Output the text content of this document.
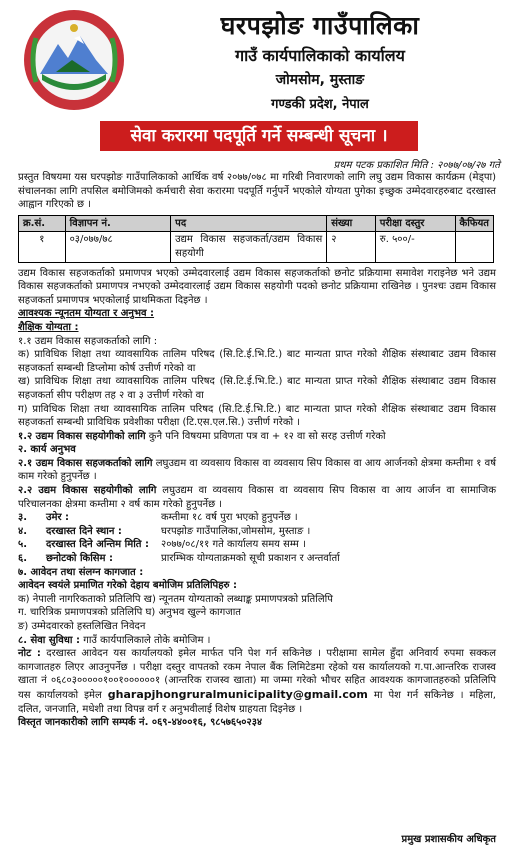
घरपझोङ गाउँपालिका
गाउँ कार्यपालिकाको कार्यालय
जोमसोम, मुस्ताङ
गण्डकी प्रदेश, नेपाल
सेवा करारमा पदपूर्ति गर्ने सम्बन्धी सूचना ।
प्रथम पटक प्रकाशित मिति : २०७७/०७/२७ गते

प्रस्तुत विषयमा यस घरपझोङ गाउँपालिकाको आर्थिक वर्ष २०७७/०७८ मा गरिबी निवारणको लागि लघु उद्यम विकास कार्यक्रम (मेड्पा) संचालनका लागि तपसिल बमोजिमको कर्मचारी सेवा करारमा पदपूर्ति गर्नुपर्ने भएकोले योग्यता पुगेका इच्छुक उम्मेदवारहरुबाट दरखास्त आह्वान गरिएको छ ।

क्र.सं.	विज्ञापन नं.	पद	संख्या	परीक्षा दस्तुर	कैफियत
१	०३/०७७/७८	उद्यम विकास सहजकर्ता/उद्यम विकास सहयोगी	२	रु. ५००/-	

उद्यम विकास सहजकर्ताको प्रमाणपत्र भएको उम्मेदवारलाई उद्यम विकास सहजकर्ताको छनोट प्रक्रियामा समावेश गराइनेछ भने उद्यम विकास सहजकर्ताको प्रमाणपत्र नभएको उम्मेदवारलाई उद्यम विकास सहयोगी पदको छनोट प्रक्रियामा राखिनेछ । पुनश्चः उद्यम विकास सहजकर्ता प्रमाणपत्र भएकोलाई प्राथमिकता दिइनेछ ।

आवश्यक न्यूनतम योग्यता र अनुभव :

शैक्षिक योग्यता :

१.१ उद्यम विकास सहजकर्ताको लागि :

क) प्राविधिक शिक्षा तथा व्यावसायिक तालिम परिषद (सि.टि.ई.भि.टि.) बाट मान्यता प्राप्त गरेको शैक्षिक संस्थाबाट उद्यम विकास सहजकर्ता सम्बन्धी डिप्लोमा कोर्ष उत्तीर्ण गरेको वा

ख) प्राविधिक शिक्षा तथा व्यावसायिक तालिम परिषद (सि.टि.ई.भि.टि.) बाट मान्यता प्राप्त गरेको शैक्षिक संस्थाबाट उद्यम विकास सहजकर्ता सीप परीक्षण तह २ वा ३ उत्तीर्ण गरेको वा

ग) प्राविधिक शिक्षा तथा व्यावसायिक तालिम परिषद (सि.टि.ई.भि.टि.) बाट मान्यता प्राप्त गरेको शैक्षिक संस्थाबाट उद्यम विकास सहजकर्ता सम्बन्धी प्राविधिक प्रवेशीका परीक्षा (टि.एस.एल.सि.) उत्तीर्ण गरेको ।

१.२ उद्यम विकास सहयोगीको लागि कुनै पनि विषयमा प्रविणता पत्र वा + १२ वा सो सरह उत्तीर्ण गरेको

२. कार्य अनुभव

२.१ उद्यम विकास सहजकर्ताको लागि लघुउद्यम वा व्यवसाय विकास वा व्यवसाय सिप विकास वा आय आर्जनको क्षेत्रमा कम्तीमा १ वर्ष काम गरेको हुनुपर्नेछ ।

२.२ उद्यम विकास सहयोगीको लागि लघुउद्यम वा व्यवसाय विकास वा व्यवसाय सिप विकास वा आय आर्जन वा सामाजिक परिचालनका क्षेत्रमा कम्तीमा २ वर्ष काम गरेको हुनुपर्नेछ ।

३. उमेर :	कम्तीमा १८ वर्ष पुरा भएको हुनुपर्नेछ ।

४. दरखास्त दिने स्थान :	घरपझोङ गाउँपालिका,जोमसोम, मुस्ताङ ।

५. दरखास्त दिने अन्तिम मिति : २०७७/०८/११ गते कार्यालय समय सम्म ।

६. छनोटको किसिम :	प्रारम्भिक योग्यताक्रमको सूची प्रकाशन र अन्तर्वार्ता

७. आवेदन तथा संलग्न कागजात :

आवेदन स्वयंले प्रमाणित गरेको देहाय बमोजिम प्रतिलिपिहरु :

क) नेपाली नागरिकताको प्रतिलिपि ख) न्यूनतम योग्यताको लब्धाङ्क प्रमाणपत्रको प्रतिलिपि

ग. चारित्रिक प्रमाणपत्रको प्रतिलिपि घ) अनुभव खुल्ने कागजात

ङ) उम्मेदवारको हस्तलिखित निवेदन

८. सेवा सुविधा : गाउँ कार्यपालिकाले तोके बमोजिम ।

नोट : दरखास्त आवेदन यस कार्यालयको इमेल मार्फत पनि पेश गर्न सकिनेछ । परीक्षामा सामेल हुँदा अनिवार्य रुपमा सक्कल कागजातहरु लिएर आउनुपर्नेछ । परीक्षा दस्तुर वापतको रकम नेपाल बैंक लिमिटेडमा रहेको यस कार्यालयको ग.पा.आन्तरिक राजस्व खाता नं ०६८०३०००००१००१००००००१ (आन्तरिक राजस्व खाता) मा जम्मा गरेको भौचर सहित आवश्यक कागजातहरुको प्रतिलिपि यस कार्यालयको इमेल gharapjhongruralmunicipality@gmail.com मा पेश गर्न सकिनेछ । महिला, दलित, जनजाति, मधेशी तथा विपन्न वर्ग र अनुभवीलाई विशेष ग्राहयता दिइनेछ ।

विस्तृत जानकारीको लागि सम्पर्क नं. ०६९-४४००१६, ९८५७६५०२३४

प्रमुख प्रशासकीय अधिकृत
